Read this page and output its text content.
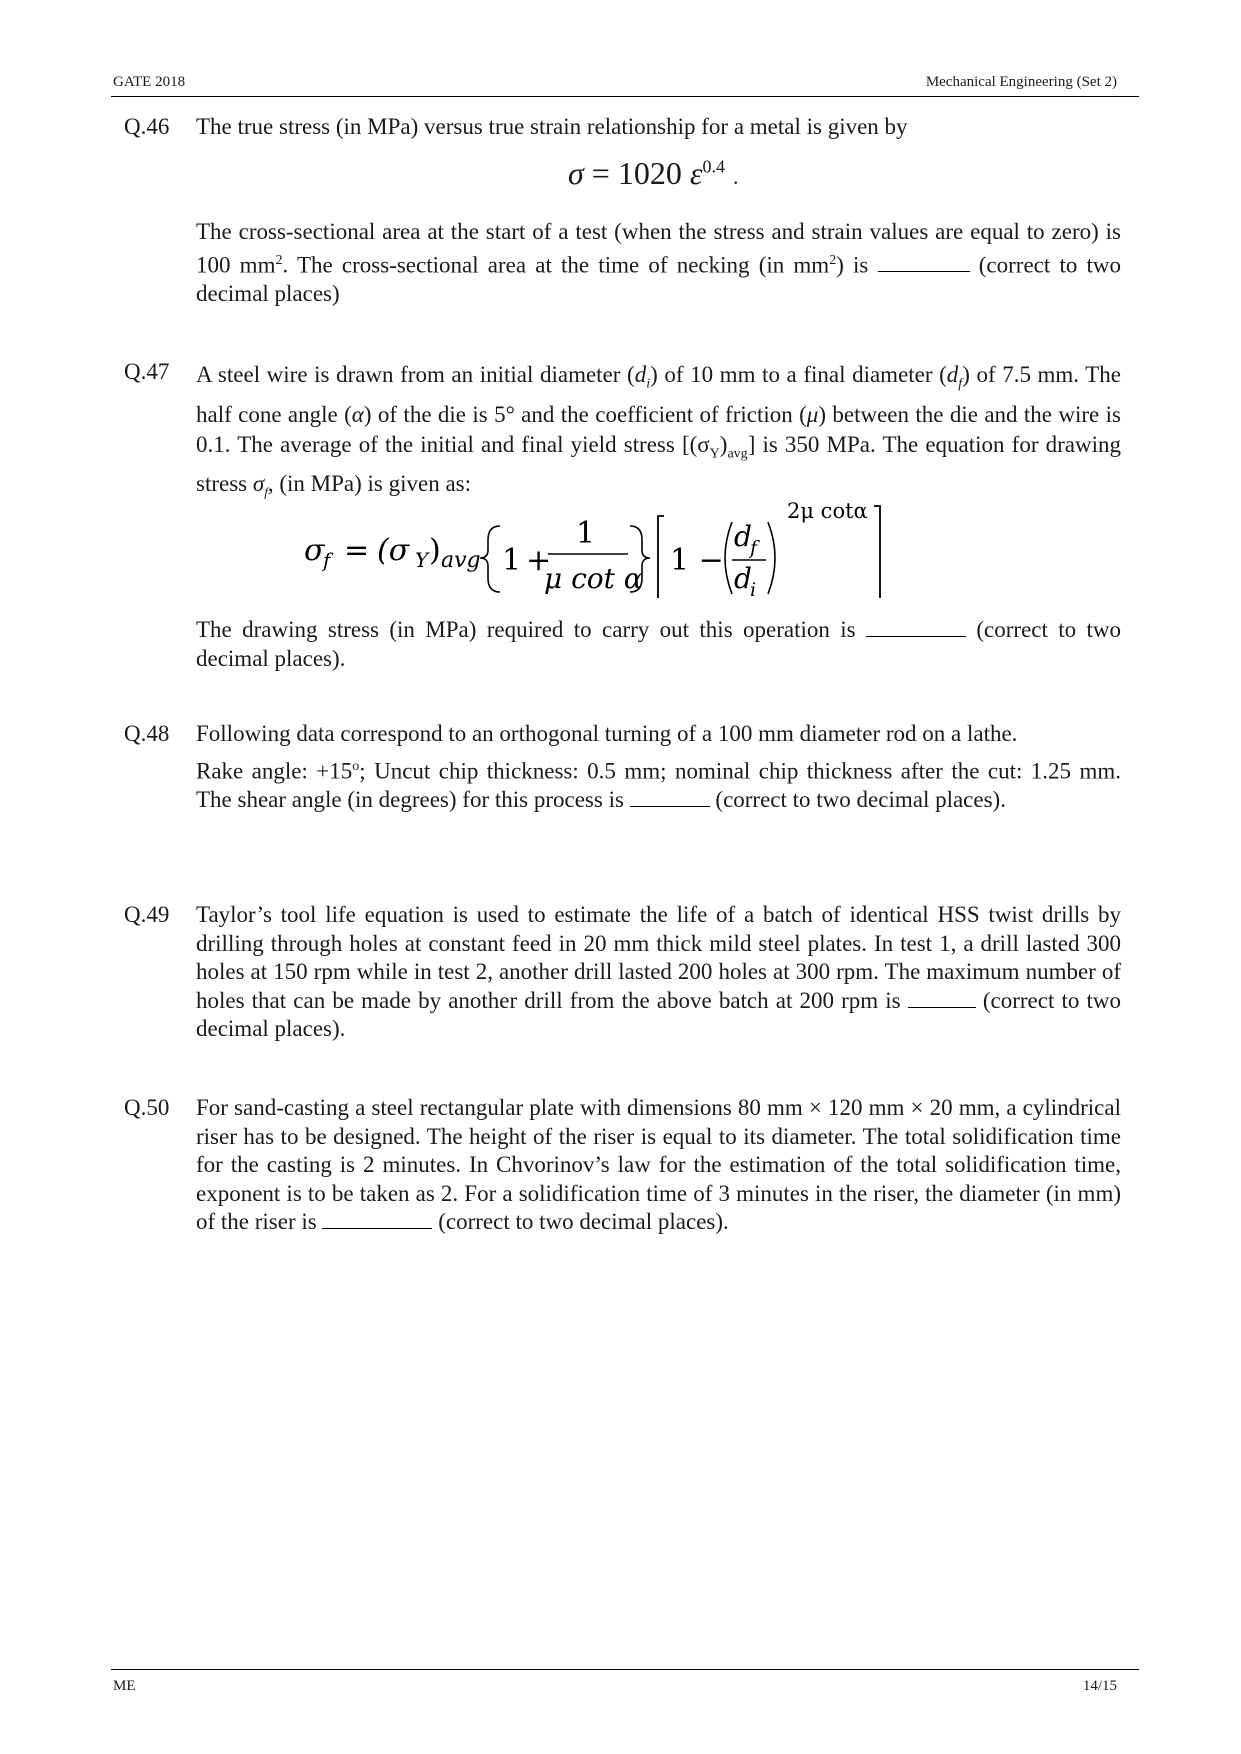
GATE 2018	Mechanical Engineering (Set 2)
Q.46 The true stress (in MPa) versus true strain relationship for a metal is given by

σ = 1020 $\varepsilon^{0.4}$ .

The cross-sectional area at the start of a test (when the stress and strain values are equal to zero) is 100 $mm^2$. The cross-sectional area at the time of necking (in $mm^2$) is	(correct to two decimal places)

Q.47 A steel wire is drawn from an initial diameter $(d_i)$ of 10 mm to a final diameter $(d_f)$ of 7.5 mm. The half cone angle (α) of the die is 5° and the coefficient of friction (μ) between the die and the wire is 0.1. The average of the initial and final yield stress $[(\sigma_Y)_{avg}]$ is 350 MPa. The equation for drawing stress $\sigma_f$, (in MPa) is given as:

σ
f = (σ Y ) avg 1 +
1
μ cot α
1 −
d
f
d
i
2μ cotα

The drawing stress (in MPa) required to carry out this operation is	(correct to two decimal places).

Q.48 Following data correspond to an orthogonal turning of a 100 mm diameter rod on a lathe.

Rake angle: $+15^o$; Uncut chip thickness: 0.5 mm; nominal chip thickness after the cut: 1.25 mm. The shear angle (in degrees) for this process is	(correct to two decimal places).

Q.49 Taylor’s tool life equation is used to estimate the life of a batch of identical HSS twist drills by drilling through holes at constant feed in 20 mm thick mild steel plates. In test 1, a drill lasted 300 holes at 150 rpm while in test 2, another drill lasted 200 holes at 300 rpm. The maximum number of holes that can be made by another drill from the above batch at 200 rpm is	(correct to two decimal places).

Q.50 For sand-casting a steel rectangular plate with dimensions 80 mm × 120 mm × 20 mm, a cylindrical riser has to be designed. The height of the riser is equal to its diameter. The total solidification time for the casting is 2 minutes. In Chvorinov’s law for the estimation of the total solidification time, exponent is to be taken as 2. For a solidification time of 3 minutes in the riser, the diameter (in mm) of the riser is	(correct to two decimal places).

ME	14/15
